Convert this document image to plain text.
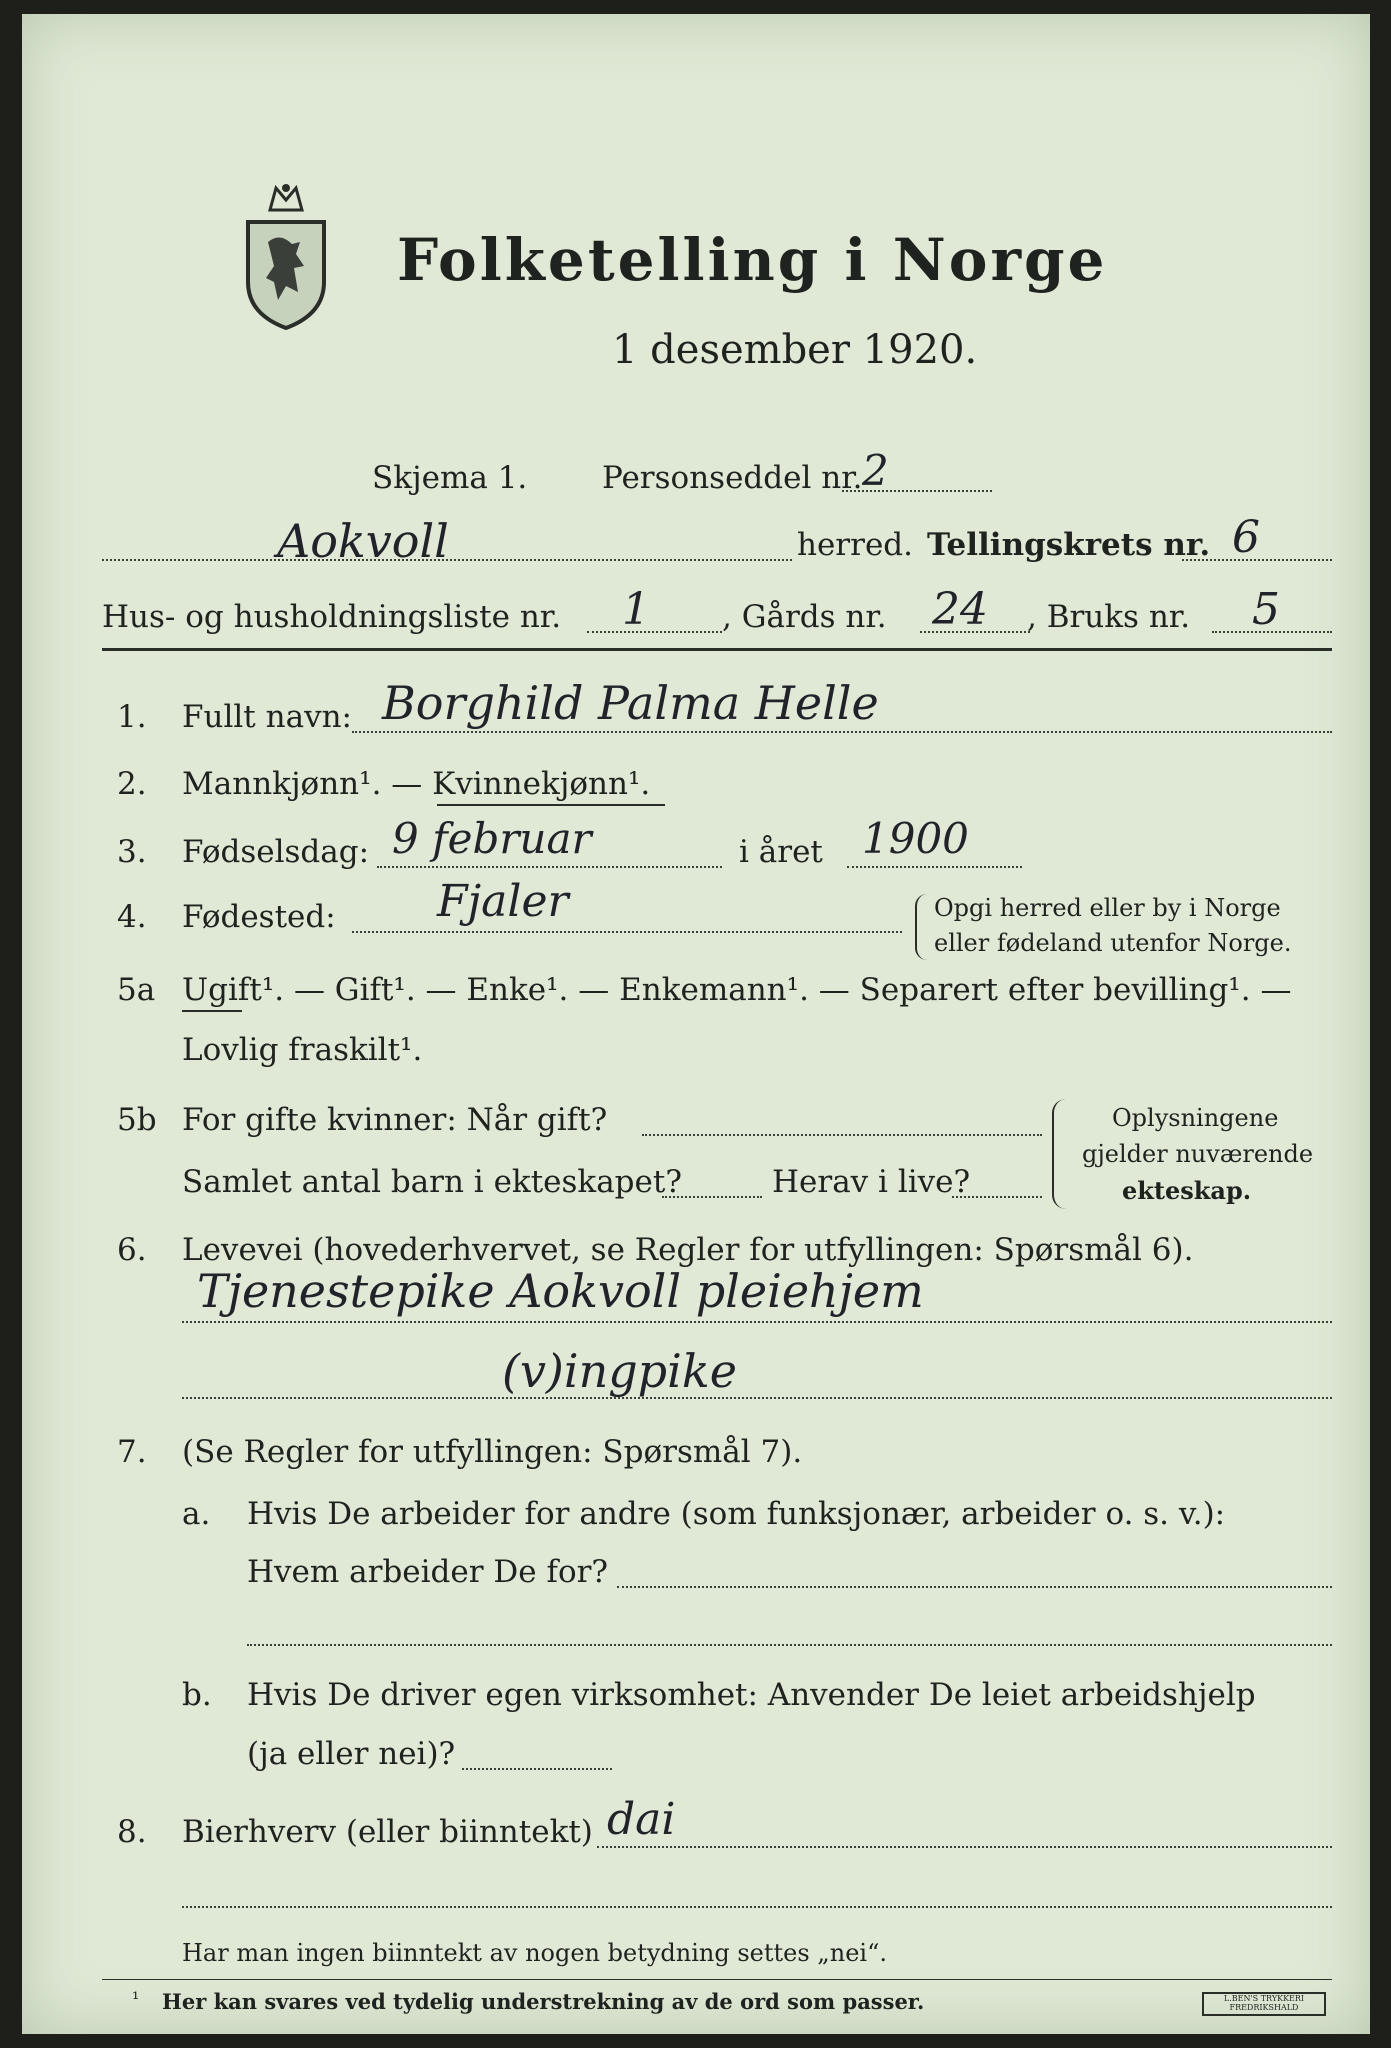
Folketelling i Norge
1 desember 1920.
Skjema 1. Personseddel nr. 2
Aokvoll	herred. Tellingskrets nr. 6
Hus- og husholdningsliste nr. 1 , Gårds nr. 24 , Bruks nr. 5
1. Fullt navn: Borghild Palma Helle
2. Mannkjønn¹. — Kvinnekjønn¹.
3. Fødselsdag: 9 februar	i året 1900
4. Fødested: Fjaler	Opgi herred eller by i Norge
eller fødeland utenfor Norge.
5a Ugift¹. — Gift¹. — Enke¹. — Enkemann¹. — Separert efter bevilling¹. —
Lovlig fraskilt¹.
5b For gifte kvinner: Når gift?
Samlet antal barn i ekteskapet?	Herav i live?
Oplysningene
gjelder nuværende
ekteskap.
6. Levevei (hovederhvervet, se Regler for utfyllingen: Spørsmål 6).
Tjenestepike Aokvoll pleiehjem
(v)ingpike
7. (Se Regler for utfyllingen: Spørsmål 7).
a. Hvis De arbeider for andre (som funksjonær, arbeider o. s. v.):
Hvem arbeider De for?
b. Hvis De driver egen virksomhet: Anvender De leiet arbeidshjelp
(ja eller nei)?
8. Bierhverv (eller biinntekt) dai
Har man ingen biinntekt av nogen betydning settes „nei“.
¹ Her kan svares ved tydelig understrekning av de ord som passer.	L.BEN'S TRYKKERI FREDRIKSHALD
